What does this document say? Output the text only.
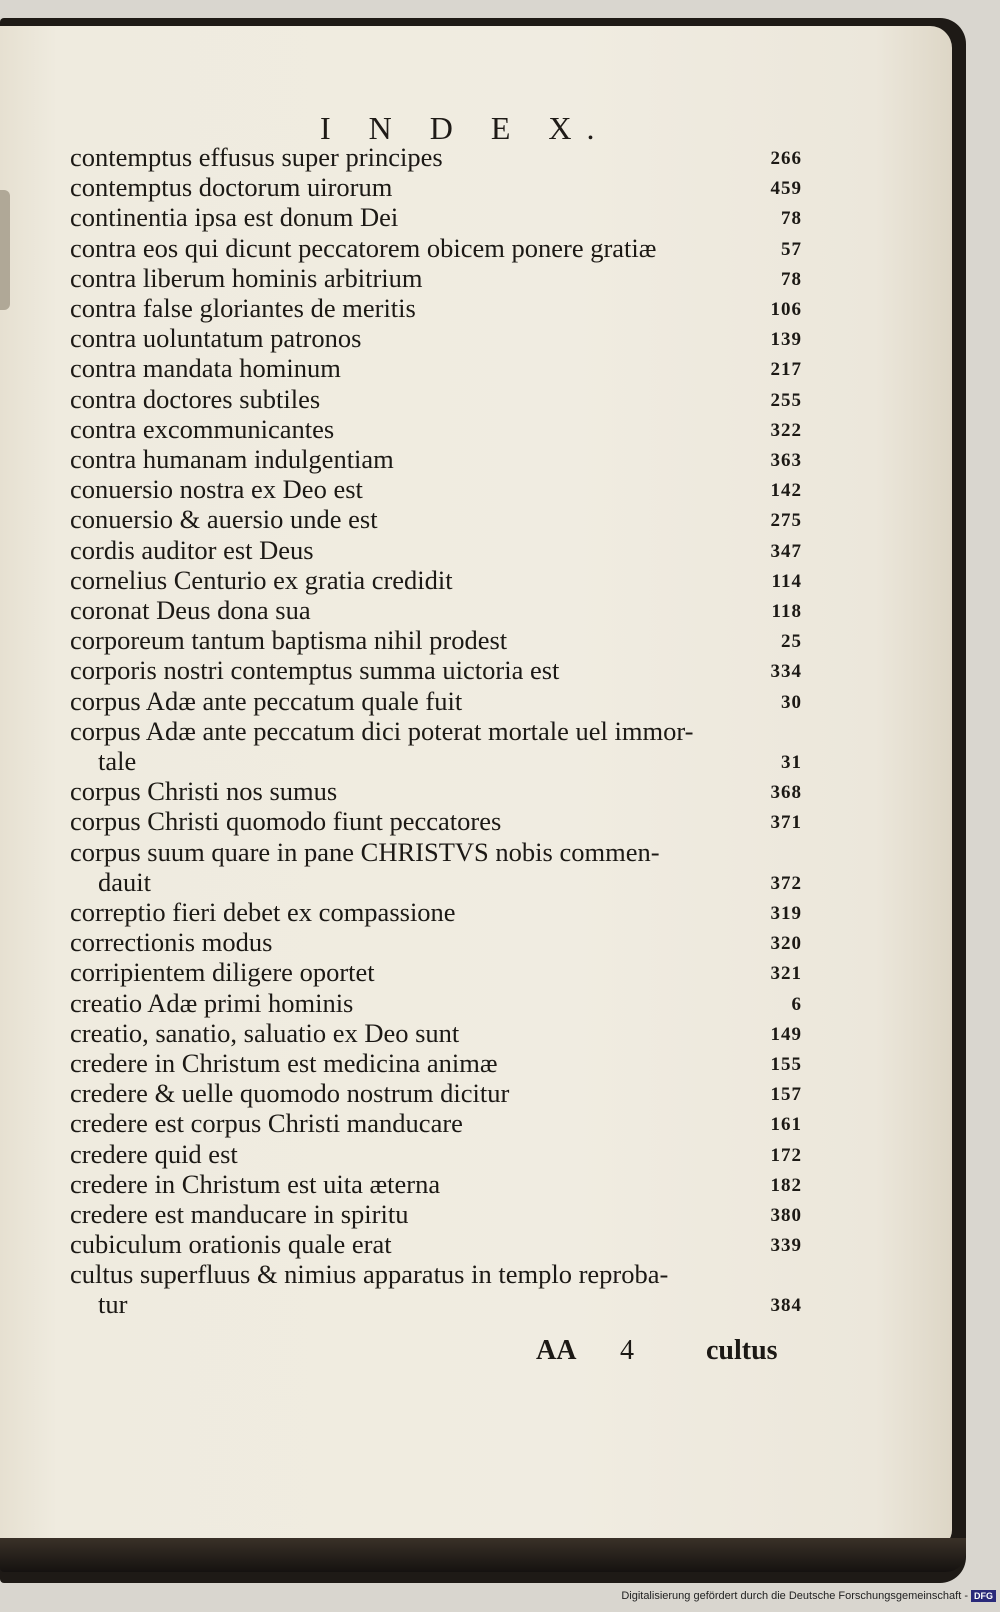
I N D E X.
contemptus effusus super principes	266
contemptus doctorum uirorum	459
continentia ipsa est donum Dei	78
contra eos qui dicunt peccatorem obicem ponere gratiæ	57
contra liberum hominis arbitrium	78
contra false gloriantes de meritis	106
contra uoluntatum patronos	139
contra mandata hominum	217
contra doctores subtiles	255
contra excommunicantes	322
contra humanam indulgentiam	363
conuersio nostra ex Deo est	142
conuersio & auersio unde est	275
cordis auditor est Deus	347
cornelius Centurio ex gratia credidit	114
coronat Deus dona sua	118
corporeum tantum baptisma nihil prodest	25
corporis nostri contemptus summa uictoria est	334
corpus Adæ ante peccatum quale fuit	30
corpus Adæ ante peccatum dici poterat mortale uel immor-
tale	31
corpus Christi nos sumus	368
corpus Christi quomodo fiunt peccatores	371
corpus suum quare in pane CHRISTVS nobis commen-
dauit	372
correptio fieri debet ex compassione	319
correctionis modus	320
corripientem diligere oportet	321
creatio Adæ primi hominis	6
creatio, sanatio, saluatio ex Deo sunt	149
credere in Christum est medicina animæ	155
credere & uelle quomodo nostrum dicitur	157
credere est corpus Christi manducare	161
credere quid est	172
credere in Christum est uita æterna	182
credere est manducare in spiritu	380
cubiculum orationis quale erat	339
cultus superfluus & nimius apparatus in templo reproba-
tur	384
AA 4	cultus
Digitalisierung gefördert durch die Deutsche Forschungsgemeinschaft - DFG
